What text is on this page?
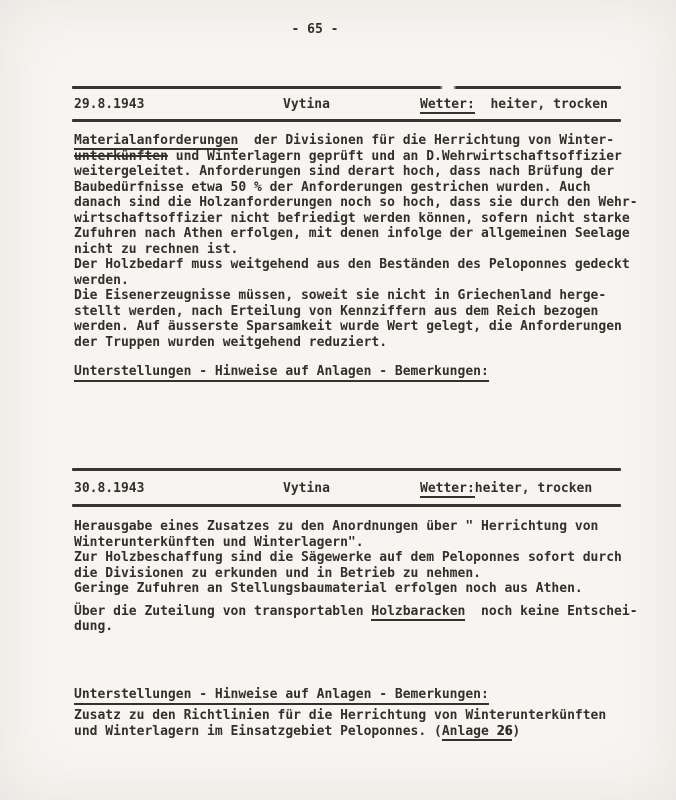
- 65 -
29.8.1943	Vytina	Wetter:  heiter, trocken
Materialanforderungen  der Divisionen für die Herrichtung von Winter-
unterkünften und Winterlagern geprüft und an D.Wehrwirtschaftsoffizier
weitergeleitet. Anforderungen sind derart hoch, dass nach Brüfung der
Baubedürfnisse etwa 50 % der Anforderungen gestrichen wurden. Auch
danach sind die Holzanforderungen noch so hoch, dass sie durch den Wehr-
wirtschaftsoffizier nicht befriedigt werden können, sofern nicht starke
Zufuhren nach Athen erfolgen, mit denen infolge der allgemeinen Seelage
nicht zu rechnen ist.
Der Holzbedarf muss weitgehend aus den Beständen des Peloponnes gedeckt
werden.
Die Eisenerzeugnisse müssen, soweit sie nicht in Griechenland herge-
stellt werden, nach Erteilung von Kennziffern aus dem Reich bezogen
werden. Auf äusserste Sparsamkeit wurde Wert gelegt, die Anforderungen
der Truppen wurden weitgehend reduziert.
Unterstellungen - Hinweise auf Anlagen - Bemerkungen:
30.8.1943	Vytina	Wetter:heiter, trocken
Herausgabe eines Zusatzes zu den Anordnungen über " Herrichtung von
Winterunterkünften und Winterlagern".
Zur Holzbeschaffung sind die Sägewerke auf dem Peloponnes sofort durch
die Divisionen zu erkunden und in Betrieb zu nehmen.
Geringe Zufuhren an Stellungsbaumaterial erfolgen noch aus Athen.
Über die Zuteilung von transportablen Holzbaracken  noch keine Entschei-
dung.
Unterstellungen - Hinweise auf Anlagen - Bemerkungen:
Zusatz zu den Richtlinien für die Herrichtung von Winterunterkünften
und Winterlagern im Einsatzgebiet Peloponnes. (Anlage 26)
